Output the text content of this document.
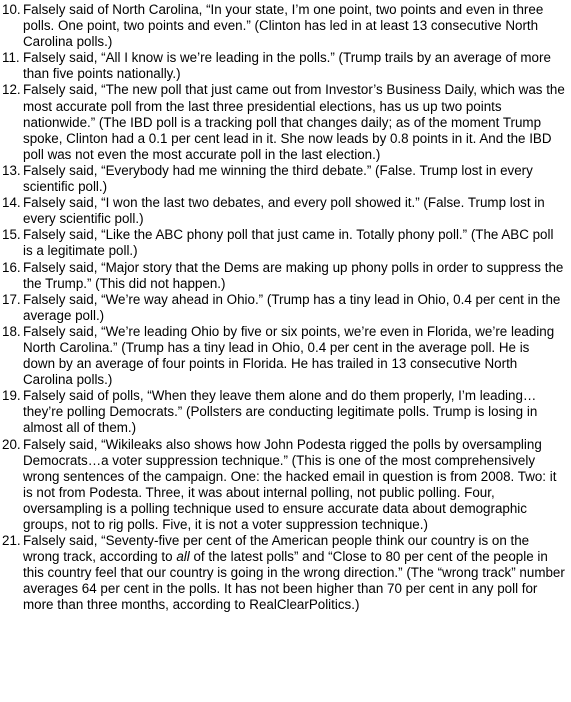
10. Falsely said of North Carolina, “In your state, I’m one point, two points and even in three polls. One point, two points and even.” (Clinton has led in at least 13 consecutive North Carolina polls.)
11. Falsely said, “All I know is we’re leading in the polls.” (Trump trails by an average of more than five points nationally.)
12. Falsely said, “The new poll that just came out from Investor’s Business Daily, which was the most accurate poll from the last three presidential elections, has us up two points nationwide.” (The IBD poll is a tracking poll that changes daily; as of the moment Trump spoke, Clinton had a 0.1 per cent lead in it. She now leads by 0.8 points in it. And the IBD poll was not even the most accurate poll in the last election.)
13. Falsely said, “Everybody had me winning the third debate.” (False. Trump lost in every scientific poll.)
14. Falsely said, “I won the last two debates, and every poll showed it.” (False. Trump lost in every scientific poll.)
15. Falsely said, “Like the ABC phony poll that just came in. Totally phony poll.” (The ABC poll is a legitimate poll.)
16. Falsely said, “Major story that the Dems are making up phony polls in order to suppress the the Trump.” (This did not happen.)
17. Falsely said, “We’re way ahead in Ohio.” (Trump has a tiny lead in Ohio, 0.4 per cent in the average poll.)
18. Falsely said, “We’re leading Ohio by five or six points, we’re even in Florida, we’re leading North Carolina.” (Trump has a tiny lead in Ohio, 0.4 per cent in the average poll. He is down by an average of four points in Florida. He has trailed in 13 consecutive North Carolina polls.)
19. Falsely said of polls, “When they leave them alone and do them properly, I’m leading…they’re polling Democrats.” (Pollsters are conducting legitimate polls. Trump is losing in almost all of them.)
20. Falsely said, “Wikileaks also shows how John Podesta rigged the polls by oversampling Democrats…a voter suppression technique.” (This is one of the most comprehensively wrong sentences of the campaign. One: the hacked email in question is from 2008. Two: it is not from Podesta. Three, it was about internal polling, not public polling. Four, oversampling is a polling technique used to ensure accurate data about demographic groups, not to rig polls. Five, it is not a voter suppression technique.)
21. Falsely said, “Seventy-five per cent of the American people think our country is on the wrong track, according to all of the latest polls” and “Close to 80 per cent of the people in this country feel that our country is going in the wrong direction.” (The “wrong track” number averages 64 per cent in the polls. It has not been higher than 70 per cent in any poll for more than three months, according to RealClearPolitics.)
